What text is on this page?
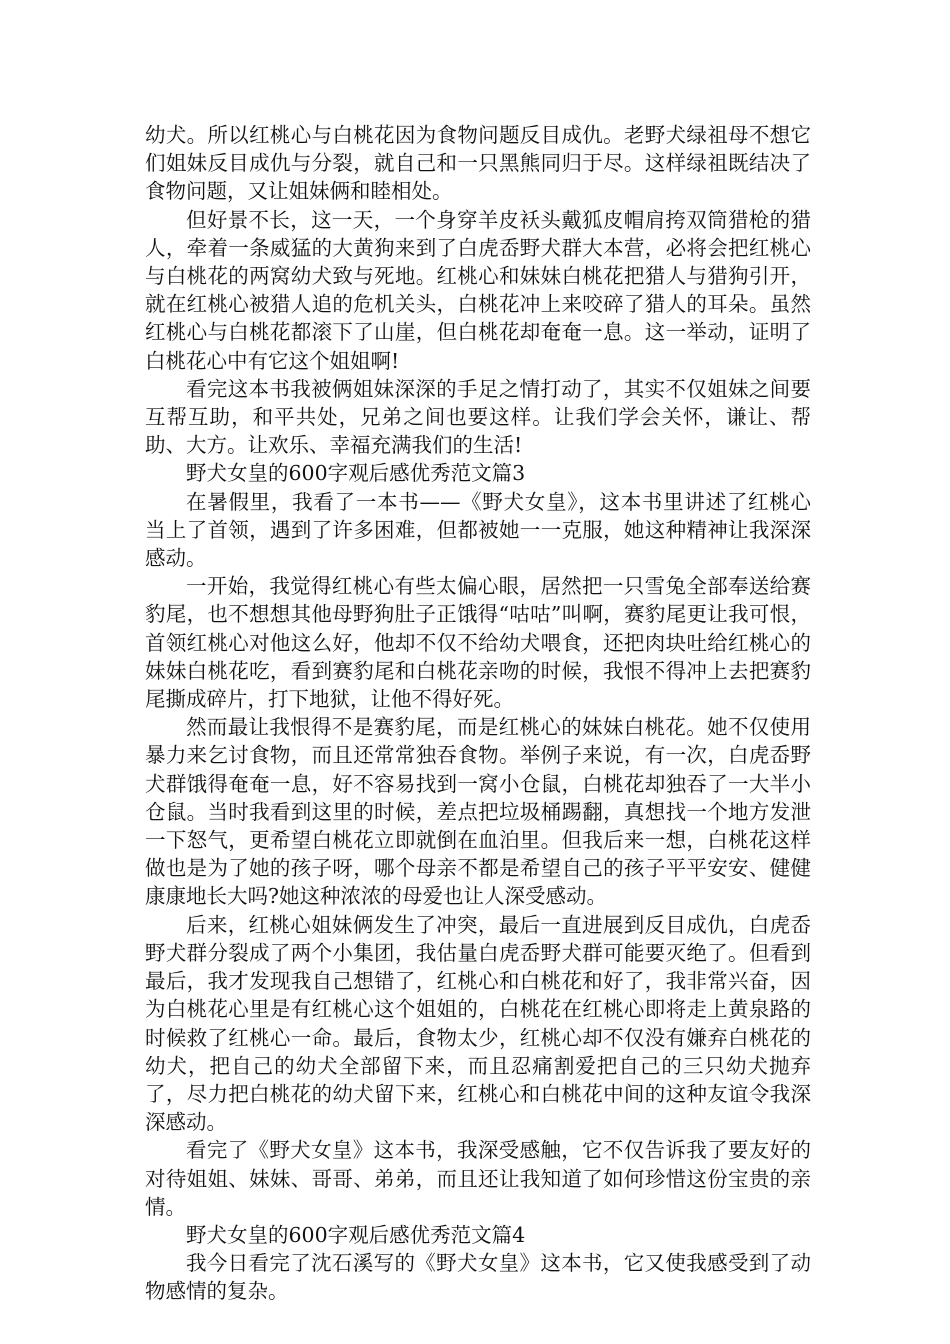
幼犬。所以红桃心与白桃花因为食物问题反目成仇。老野犬绿祖母不想它们姐妹反目成仇与分裂，就自己和一只黑熊同归于尽。这样绿祖既结决了食物问题，又让姐妹俩和睦相处。

但好景不长，这一天，一个身穿羊皮袄头戴狐皮帽肩挎双筒猎枪的猎人，牵着一条威猛的大黄狗来到了白虎岙野犬群大本营，必将会把红桃心与白桃花的两窝幼犬致与死地。红桃心和妹妹白桃花把猎人与猎狗引开，就在红桃心被猎人追的危机关头，白桃花冲上来咬碎了猎人的耳朵。虽然红桃心与白桃花都滚下了山崖，但白桃花却奄奄一息。这一举动，证明了白桃花心中有它这个姐姐啊!

看完这本书我被俩姐妹深深的手足之情打动了，其实不仅姐妹之间要互帮互助，和平共处，兄弟之间也要这样。让我们学会关怀，谦让、帮助、大方。让欢乐、幸福充满我们的生活!

野犬女皇的600字观后感优秀范文篇3

在暑假里，我看了一本书——《野犬女皇》，这本书里讲述了红桃心当上了首领，遇到了许多困难，但都被她一一克服，她这种精神让我深深感动。

一开始，我觉得红桃心有些太偏心眼，居然把一只雪兔全部奉送给赛豹尾，也不想想其他母野狗肚子正饿得“咕咕”叫啊，赛豹尾更让我可恨，首领红桃心对他这么好，他却不仅不给幼犬喂食，还把肉块吐给红桃心的妹妹白桃花吃，看到赛豹尾和白桃花亲吻的时候，我恨不得冲上去把赛豹尾撕成碎片，打下地狱，让他不得好死。

然而最让我恨得不是赛豹尾，而是红桃心的妹妹白桃花。她不仅使用暴力来乞讨食物，而且还常常独吞食物。举例子来说，有一次，白虎岙野犬群饿得奄奄一息，好不容易找到一窝小仓鼠，白桃花却独吞了一大半小仓鼠。当时我看到这里的时候，差点把垃圾桶踢翻，真想找一个地方发泄一下怒气，更希望白桃花立即就倒在血泊里。但我后来一想，白桃花这样做也是为了她的孩子呀，哪个母亲不都是希望自己的孩子平平安安、健健康康地长大吗?她这种浓浓的母爱也让人深受感动。

后来，红桃心姐妹俩发生了冲突，最后一直进展到反目成仇，白虎岙野犬群分裂成了两个小集团，我估量白虎岙野犬群可能要灭绝了。但看到最后，我才发现我自己想错了，红桃心和白桃花和好了，我非常兴奋，因为白桃花心里是有红桃心这个姐姐的，白桃花在红桃心即将走上黄泉路的时候救了红桃心一命。最后，食物太少，红桃心却不仅没有嫌弃白桃花的幼犬，把自己的幼犬全部留下来，而且忍痛割爱把自己的三只幼犬抛弃了，尽力把白桃花的幼犬留下来，红桃心和白桃花中间的这种友谊令我深深感动。

看完了《野犬女皇》这本书，我深受感触，它不仅告诉我了要友好的对待姐姐、妹妹、哥哥、弟弟，而且还让我知道了如何珍惜这份宝贵的亲情。

野犬女皇的600字观后感优秀范文篇4

我今日看完了沈石溪写的《野犬女皇》这本书，它又使我感受到了动物感情的复杂。
